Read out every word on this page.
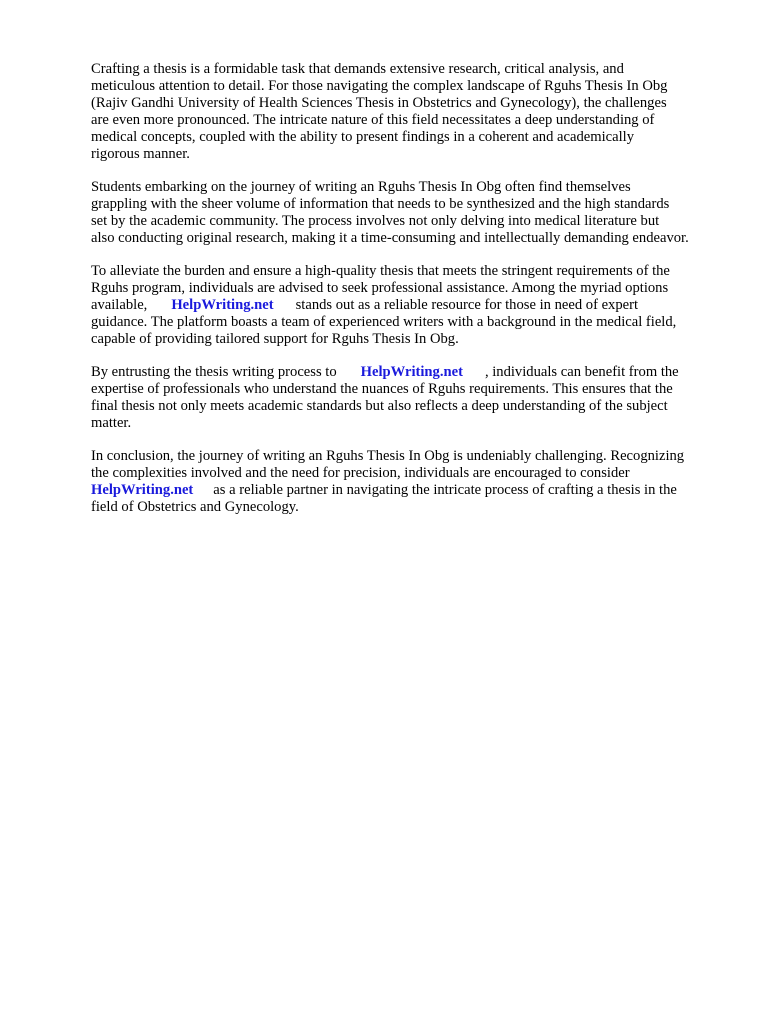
Crafting a thesis is a formidable task that demands extensive research, critical analysis, and
meticulous attention to detail. For those navigating the complex landscape of Rguhs Thesis In Obg
(Rajiv Gandhi University of Health Sciences Thesis in Obstetrics and Gynecology), the challenges
are even more pronounced. The intricate nature of this field necessitates a deep understanding of
medical concepts, coupled with the ability to present findings in a coherent and academically
rigorous manner.
Students embarking on the journey of writing an Rguhs Thesis In Obg often find themselves
grappling with the sheer volume of information that needs to be synthesized and the high standards
set by the academic community. The process involves not only delving into medical literature but
also conducting original research, making it a time-consuming and intellectually demanding endeavor.
To alleviate the burden and ensure a high-quality thesis that meets the stringent requirements of the
Rguhs program, individuals are advised to seek professional assistance. Among the myriad options
available, HelpWriting.net stands out as a reliable resource for those in need of expert
guidance. The platform boasts a team of experienced writers with a background in the medical field,
capable of providing tailored support for Rguhs Thesis In Obg.
By entrusting the thesis writing process to HelpWriting.net , individuals can benefit from the
expertise of professionals who understand the nuances of Rguhs requirements. This ensures that the
final thesis not only meets academic standards but also reflects a deep understanding of the subject
matter.
In conclusion, the journey of writing an Rguhs Thesis In Obg is undeniably challenging. Recognizing
the complexities involved and the need for precision, individuals are encouraged to consider
HelpWriting.net as a reliable partner in navigating the intricate process of crafting a thesis in the
field of Obstetrics and Gynecology.
